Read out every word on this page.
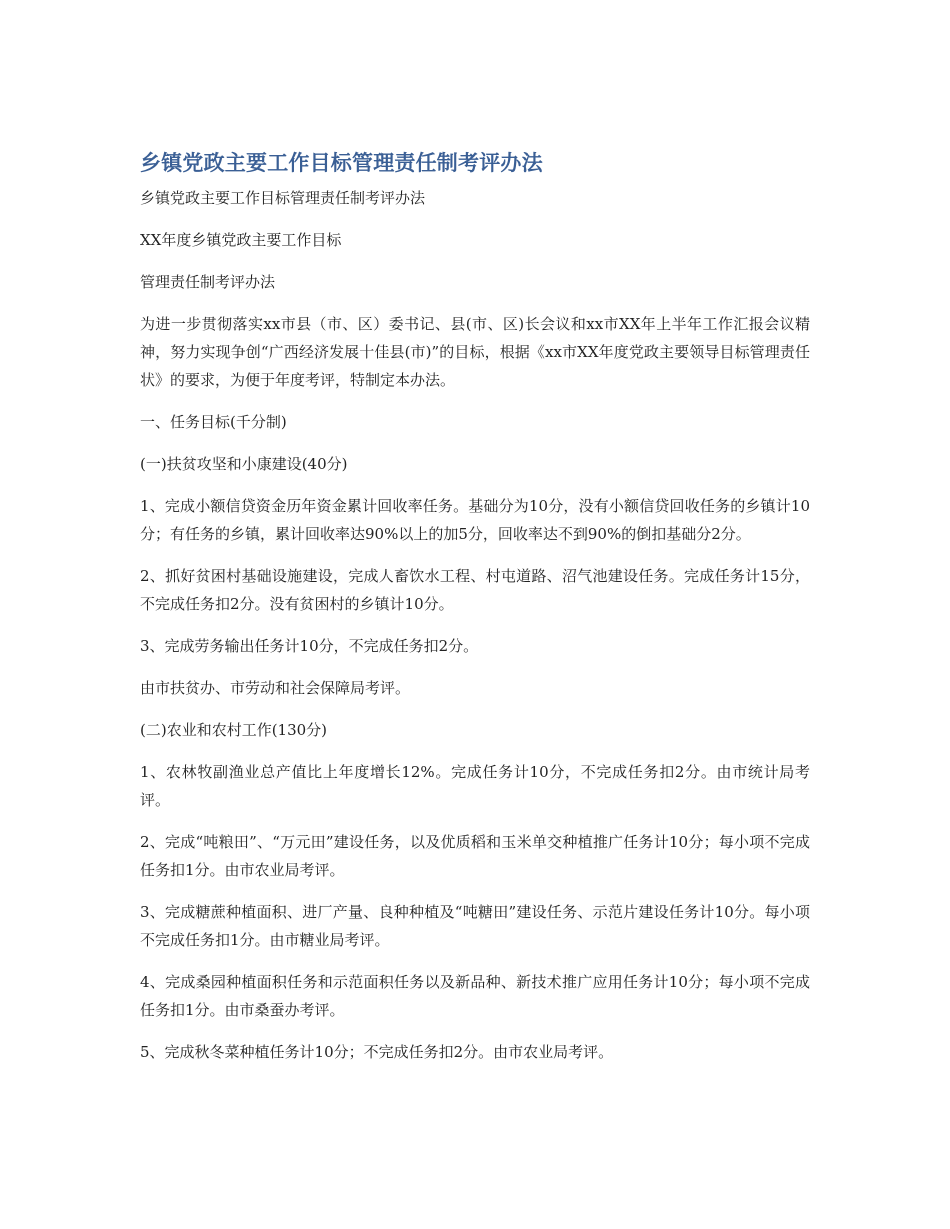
乡镇党政主要工作目标管理责任制考评办法

乡镇党政主要工作目标管理责任制考评办法

XX年度乡镇党政主要工作目标

管理责任制考评办法

为进一步贯彻落实xx市县（市、区）委书记、县(市、区)长会议和xx市XX年上半年工作汇报会议精神，努力实现争创“广西经济发展十佳县(市)”的目标，根据《xx市XX年度党政主要领导目标管理责任状》的要求，为便于年度考评，特制定本办法。

一、任务目标(千分制)

(一)扶贫攻坚和小康建设(40分)

1、完成小额信贷资金历年资金累计回收率任务。基础分为10分，没有小额信贷回收任务的乡镇计10分；有任务的乡镇，累计回收率达90%以上的加5分，回收率达不到90%的倒扣基础分2分。

2、抓好贫困村基础设施建设，完成人畜饮水工程、村屯道路、沼气池建设任务。完成任务计15分，不完成任务扣2分。没有贫困村的乡镇计10分。

3、完成劳务输出任务计10分，不完成任务扣2分。

由市扶贫办、市劳动和社会保障局考评。

(二)农业和农村工作(130分)

1、农林牧副渔业总产值比上年度增长12%。完成任务计10分，不完成任务扣2分。由市统计局考评。

2、完成“吨粮田”、“万元田”建设任务，以及优质稻和玉米单交种植推广任务计10分；每小项不完成任务扣1分。由市农业局考评。

3、完成糖蔗种植面积、进厂产量、良种种植及“吨糖田”建设任务、示范片建设任务计10分。每小项不完成任务扣1分。由市糖业局考评。

4、完成桑园种植面积任务和示范面积任务以及新品种、新技术推广应用任务计10分；每小项不完成任务扣1分。由市桑蚕办考评。

5、完成秋冬菜种植任务计10分；不完成任务扣2分。由市农业局考评。
